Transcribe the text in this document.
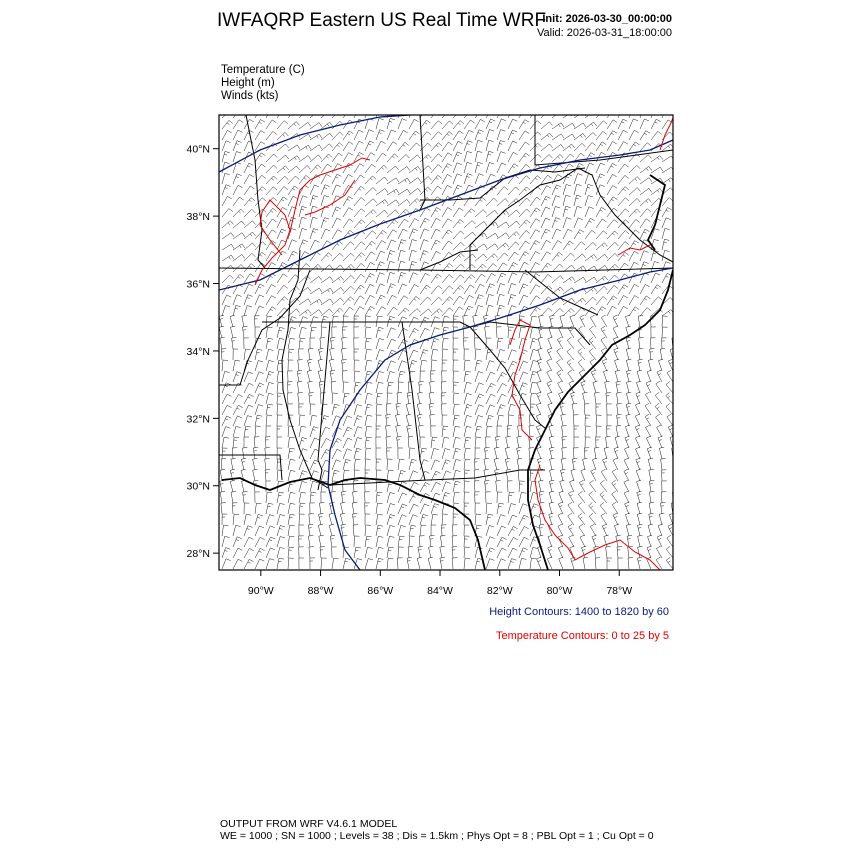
IWFAQRP Eastern US Real Time WRF
Init: 2026-03-30_00:00:00
Valid: 2026-03-31_18:00:00
Temperature (C)
Height (m)
Winds (kts)
40°N
38°N
36°N
34°N
32°N
30°N
28°N
90°W	88°W	86°W	84°W	82°W	80°W	78°W
Height Contours: 1400 to 1820 by 60
Temperature Contours: 0 to 25 by 5
OUTPUT FROM WRF V4.6.1 MODEL
WE = 1000 ; SN = 1000 ; Levels = 38 ; Dis = 1.5km ; Phys Opt = 8 ; PBL Opt = 1 ; Cu Opt = 0
